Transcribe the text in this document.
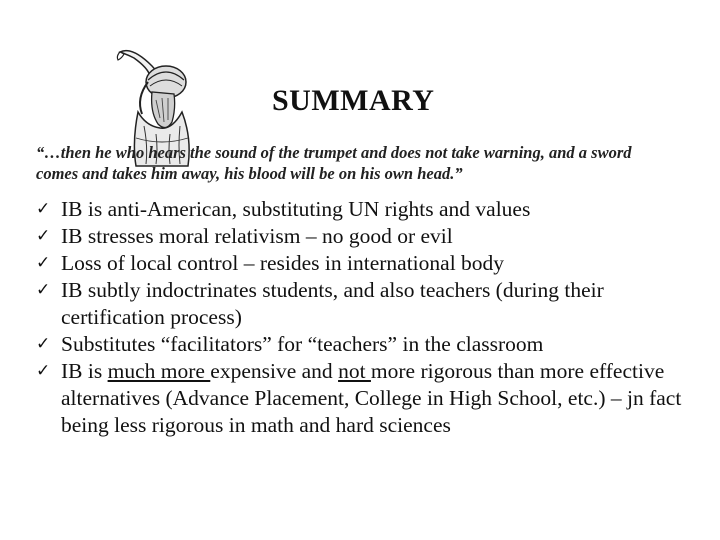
SUMMARY
“…then he who hears the sound of the trumpet and does not take warning, and a sword comes and takes him away, his blood will be on his own head.”
✓ IB is anti-American, substituting UN rights and values
✓ IB stresses moral relativism – no good or evil
✓ Loss of local control – resides in international body
✓ IB subtly indoctrinates students, and also teachers (during their certification process)
✓ Substitutes “facilitators” for “teachers” in the classroom
✓ IB is much more expensive and not more rigorous than more effective alternatives (Advance Placement, College in High School, etc.) – jn fact being less rigorous in math and hard sciences
